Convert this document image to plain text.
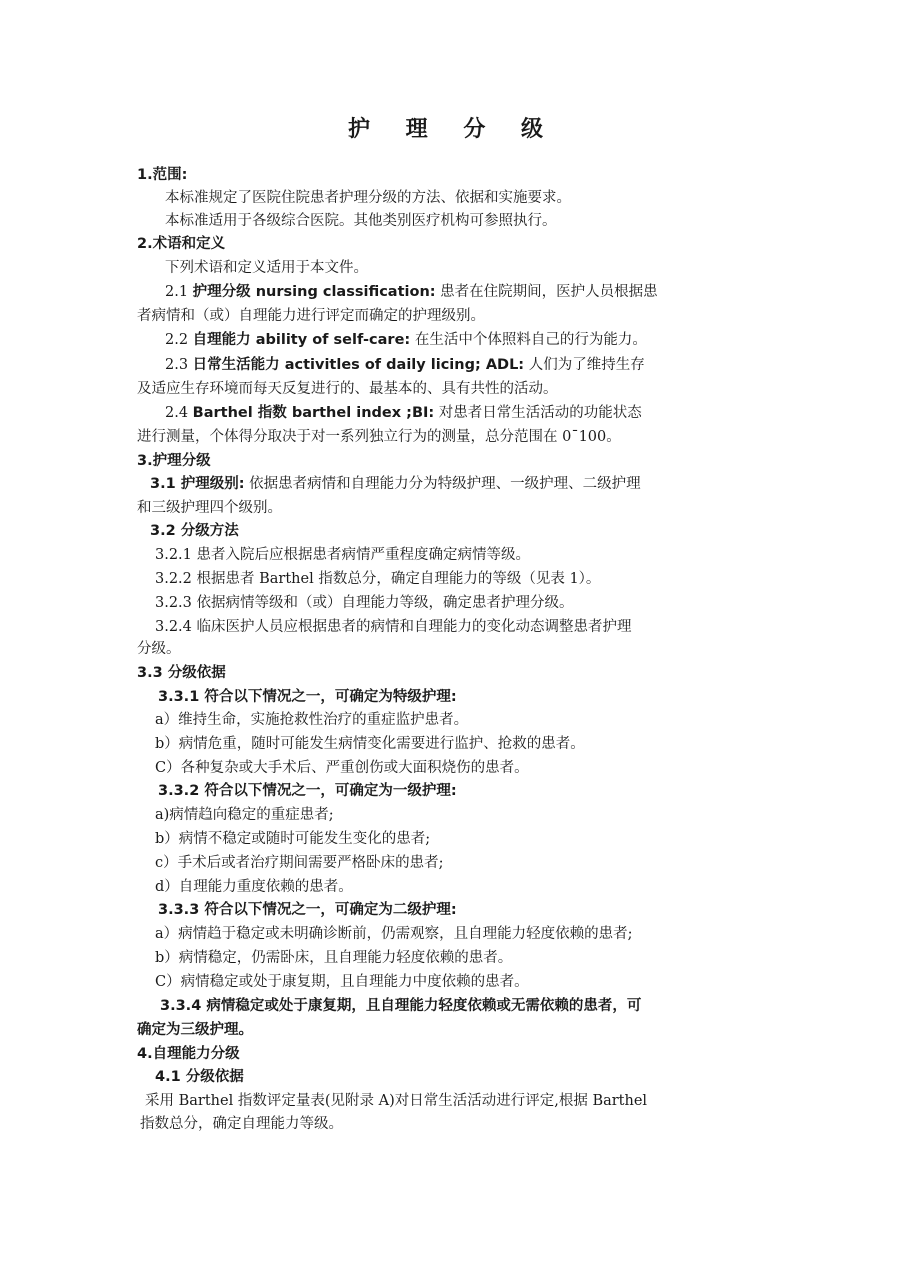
护 理 分 级
1.范围:
本标准规定了医院住院患者护理分级的方法、依据和实施要求。
本标准适用于各级综合医院。其他类别医疗机构可参照执行。
2.术语和定义
下列术语和定义适用于本文件。
2.1 护理分级 nursing classification: 患者在住院期间，医护人员根据患
者病情和（或）自理能力进行评定而确定的护理级别。
2.2 自理能力 ability of self-care: 在生活中个体照料自己的行为能力。
2.3 日常生活能力 activitles of daily licing; ADL: 人们为了维持生存
及适应生存环境而每天反复进行的、最基本的、具有共性的活动。
2.4 Barthel 指数 barthel index ;BI: 对患者日常生活活动的功能状态
进行测量，个体得分取决于对一系列独立行为的测量，总分范围在 0¯100。
3.护理分级
3.1 护理级别: 依据患者病情和自理能力分为特级护理、一级护理、二级护理
和三级护理四个级别。
3.2 分级方法
3.2.1 患者入院后应根据患者病情严重程度确定病情等级。
3.2.2 根据患者 Barthel 指数总分，确定自理能力的等级（见表 1）。
3.2.3 依据病情等级和（或）自理能力等级，确定患者护理分级。
3.2.4 临床医护人员应根据患者的病情和自理能力的变化动态调整患者护理
分级。
3.3 分级依据
3.3.1 符合以下情况之一，可确定为特级护理:
a）维持生命，实施抢救性治疗的重症监护患者。
b）病情危重，随时可能发生病情变化需要进行监护、抢救的患者。
C）各种复杂或大手术后、严重创伤或大面积烧伤的患者。
3.3.2 符合以下情况之一，可确定为一级护理:
a)病情趋向稳定的重症患者;
b）病情不稳定或随时可能发生变化的患者;
c）手术后或者治疗期间需要严格卧床的患者;
d）自理能力重度依赖的患者。
3.3.3 符合以下情况之一，可确定为二级护理:
a）病情趋于稳定或未明确诊断前，仍需观察，且自理能力轻度依赖的患者;
b）病情稳定，仍需卧床，且自理能力轻度依赖的患者。
C）病情稳定或处于康复期，且自理能力中度依赖的患者。
3.3.4 病情稳定或处于康复期，且自理能力轻度依赖或无需依赖的患者，可
确定为三级护理。
4.自理能力分级
4.1 分级依据
采用 Barthel 指数评定量表(见附录 A)对日常生活活动进行评定,根据 Barthel
指数总分，确定自理能力等级。
